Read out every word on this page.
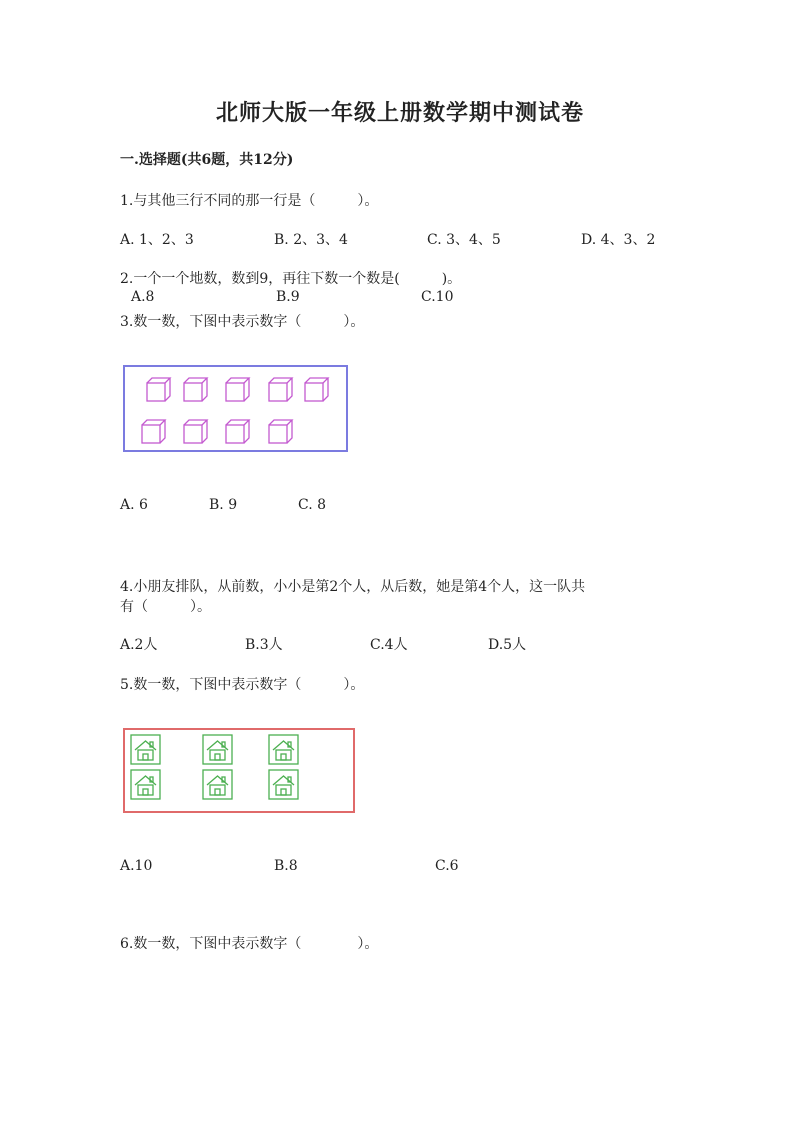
北师大版一年级上册数学期中测试卷
一.选择题(共6题，共12分)
1.与其他三行不同的那一行是（　　　）。
A. 1、2、3	B. 2、3、4	C. 3、4、5	D. 4、3、2
2.一个一个地数，数到9，再往下数一个数是(　　　)。
A.8	B.9	C.10
3.数一数，下图中表示数字（　　　）。
A. 6	B. 9	C. 8
4.小朋友排队，从前数，小小是第2个人，从后数，她是第4个人，这一队共
有（　　　）。
A.2人	B.3人	C.4人	D.5人
5.数一数，下图中表示数字（　　　）。
A.10	B.8	C.6
6.数一数，下图中表示数字（　　　　）。
